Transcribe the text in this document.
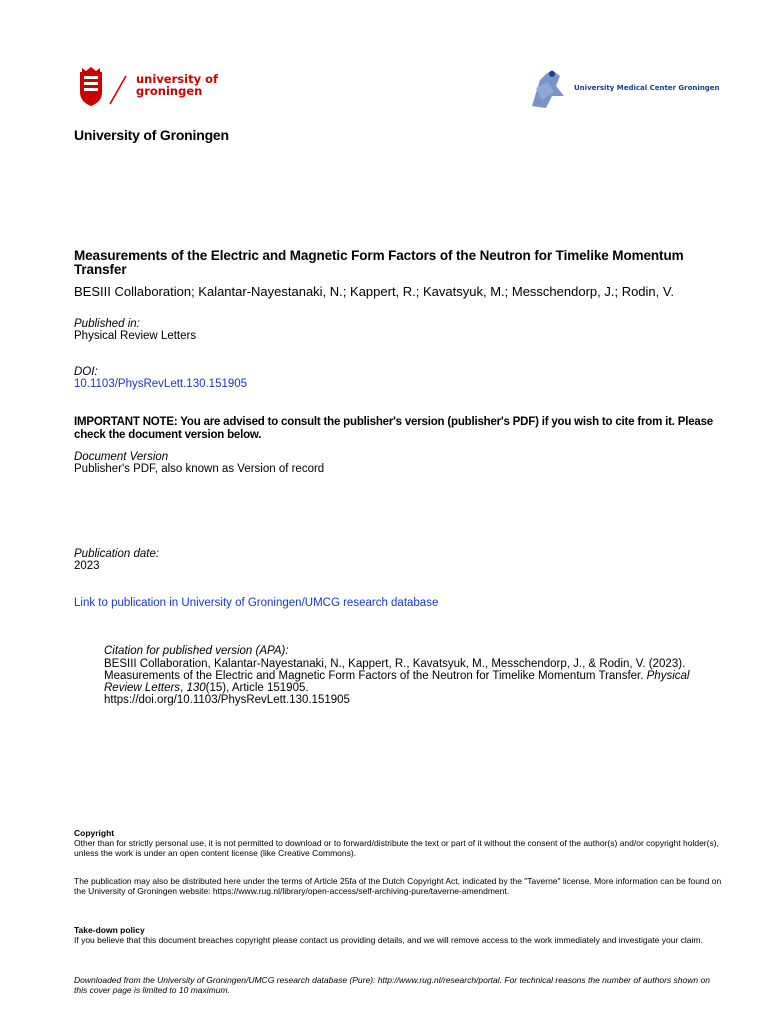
university of
groningen	University Medical Center Groningen
University of Groningen
Measurements of the Electric and Magnetic Form Factors of the Neutron for Timelike Momentum Transfer
BESIII Collaboration; Kalantar-Nayestanaki, N.; Kappert, R.; Kavatsyuk, M.; Messchendorp, J.; Rodin, V.
Published in:
Physical Review Letters
DOI:
10.1103/PhysRevLett.130.151905
IMPORTANT NOTE: You are advised to consult the publisher's version (publisher's PDF) if you wish to cite from it. Please check the document version below.
Document Version
Publisher's PDF, also known as Version of record
Publication date:
2023
Link to publication in University of Groningen/UMCG research database
Citation for published version (APA):
BESIII Collaboration, Kalantar-Nayestanaki, N., Kappert, R., Kavatsyuk, M., Messchendorp, J., & Rodin, V. (2023). Measurements of the Electric and Magnetic Form Factors of the Neutron for Timelike Momentum Transfer. Physical Review Letters, 130(15), Article 151905.
https://doi.org/10.1103/PhysRevLett.130.151905
Copyright
Other than for strictly personal use, it is not permitted to download or to forward/distribute the text or part of it without the consent of the author(s) and/or copyright holder(s), unless the work is under an open content license (like Creative Commons).
The publication may also be distributed here under the terms of Article 25fa of the Dutch Copyright Act, indicated by the "Taverne" license. More information can be found on the University of Groningen website: https://www.rug.nl/library/open-access/self-archiving-pure/taverne-amendment.
Take-down policy
If you believe that this document breaches copyright please contact us providing details, and we will remove access to the work immediately and investigate your claim.
Downloaded from the University of Groningen/UMCG research database (Pure): http://www.rug.nl/research/portal. For technical reasons the number of authors shown on this cover page is limited to 10 maximum.
